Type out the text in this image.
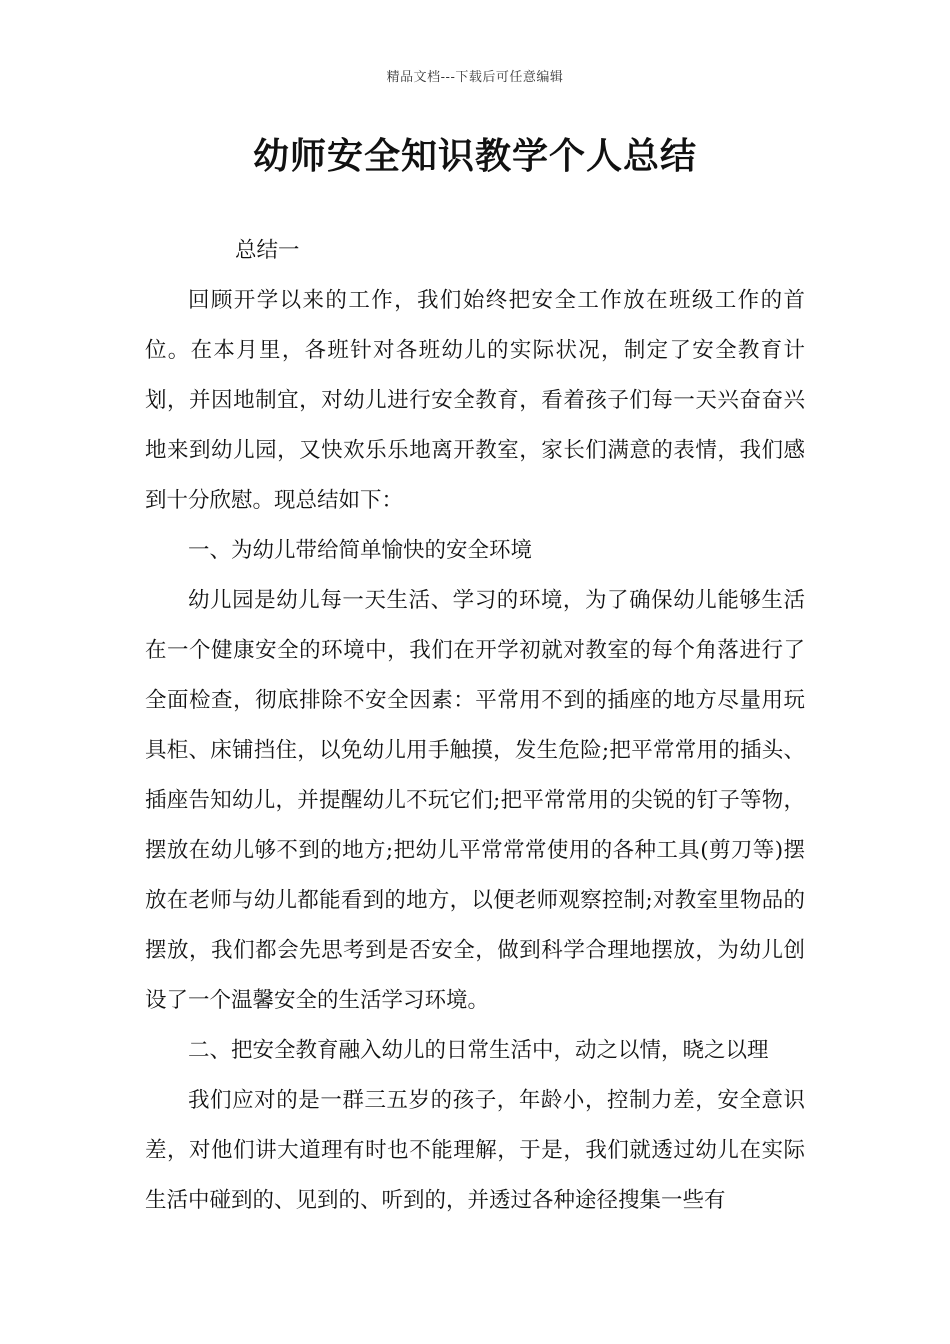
精品文档---下载后可任意编辑
幼师安全知识教学个人总结

总结一

回顾开学以来的工作，我们始终把安全工作放在班级工作的首位。在本月里，各班针对各班幼儿的实际状况，制定了安全教育计划，并因地制宜，对幼儿进行安全教育，看着孩子们每一天兴奋奋兴地来到幼儿园，又快欢乐乐地离开教室，家长们满意的表情，我们感到十分欣慰。现总结如下：

一、为幼儿带给简单愉快的安全环境

幼儿园是幼儿每一天生活、学习的环境，为了确保幼儿能够生活在一个健康安全的环境中，我们在开学初就对教室的每个角落进行了全面检查，彻底排除不安全因素：平常用不到的插座的地方尽量用玩具柜、床铺挡住，以免幼儿用手触摸，发生危险;把平常常用的插头、插座告知幼儿，并提醒幼儿不玩它们;把平常常用的尖锐的钉子等物，摆放在幼儿够不到的地方;把幼儿平常常常使用的各种工具(剪刀等)摆放在老师与幼儿都能看到的地方，以便老师观察控制;对教室里物品的摆放，我们都会先思考到是否安全，做到科学合理地摆放，为幼儿创设了一个温馨安全的生活学习环境。

二、把安全教育融入幼儿的日常生活中，动之以情，晓之以理

我们应对的是一群三五岁的孩子，年龄小，控制力差，安全意识差，对他们讲大道理有时也不能理解，于是，我们就透过幼儿在实际生活中碰到的、见到的、听到的，并透过各种途径搜集一些有
